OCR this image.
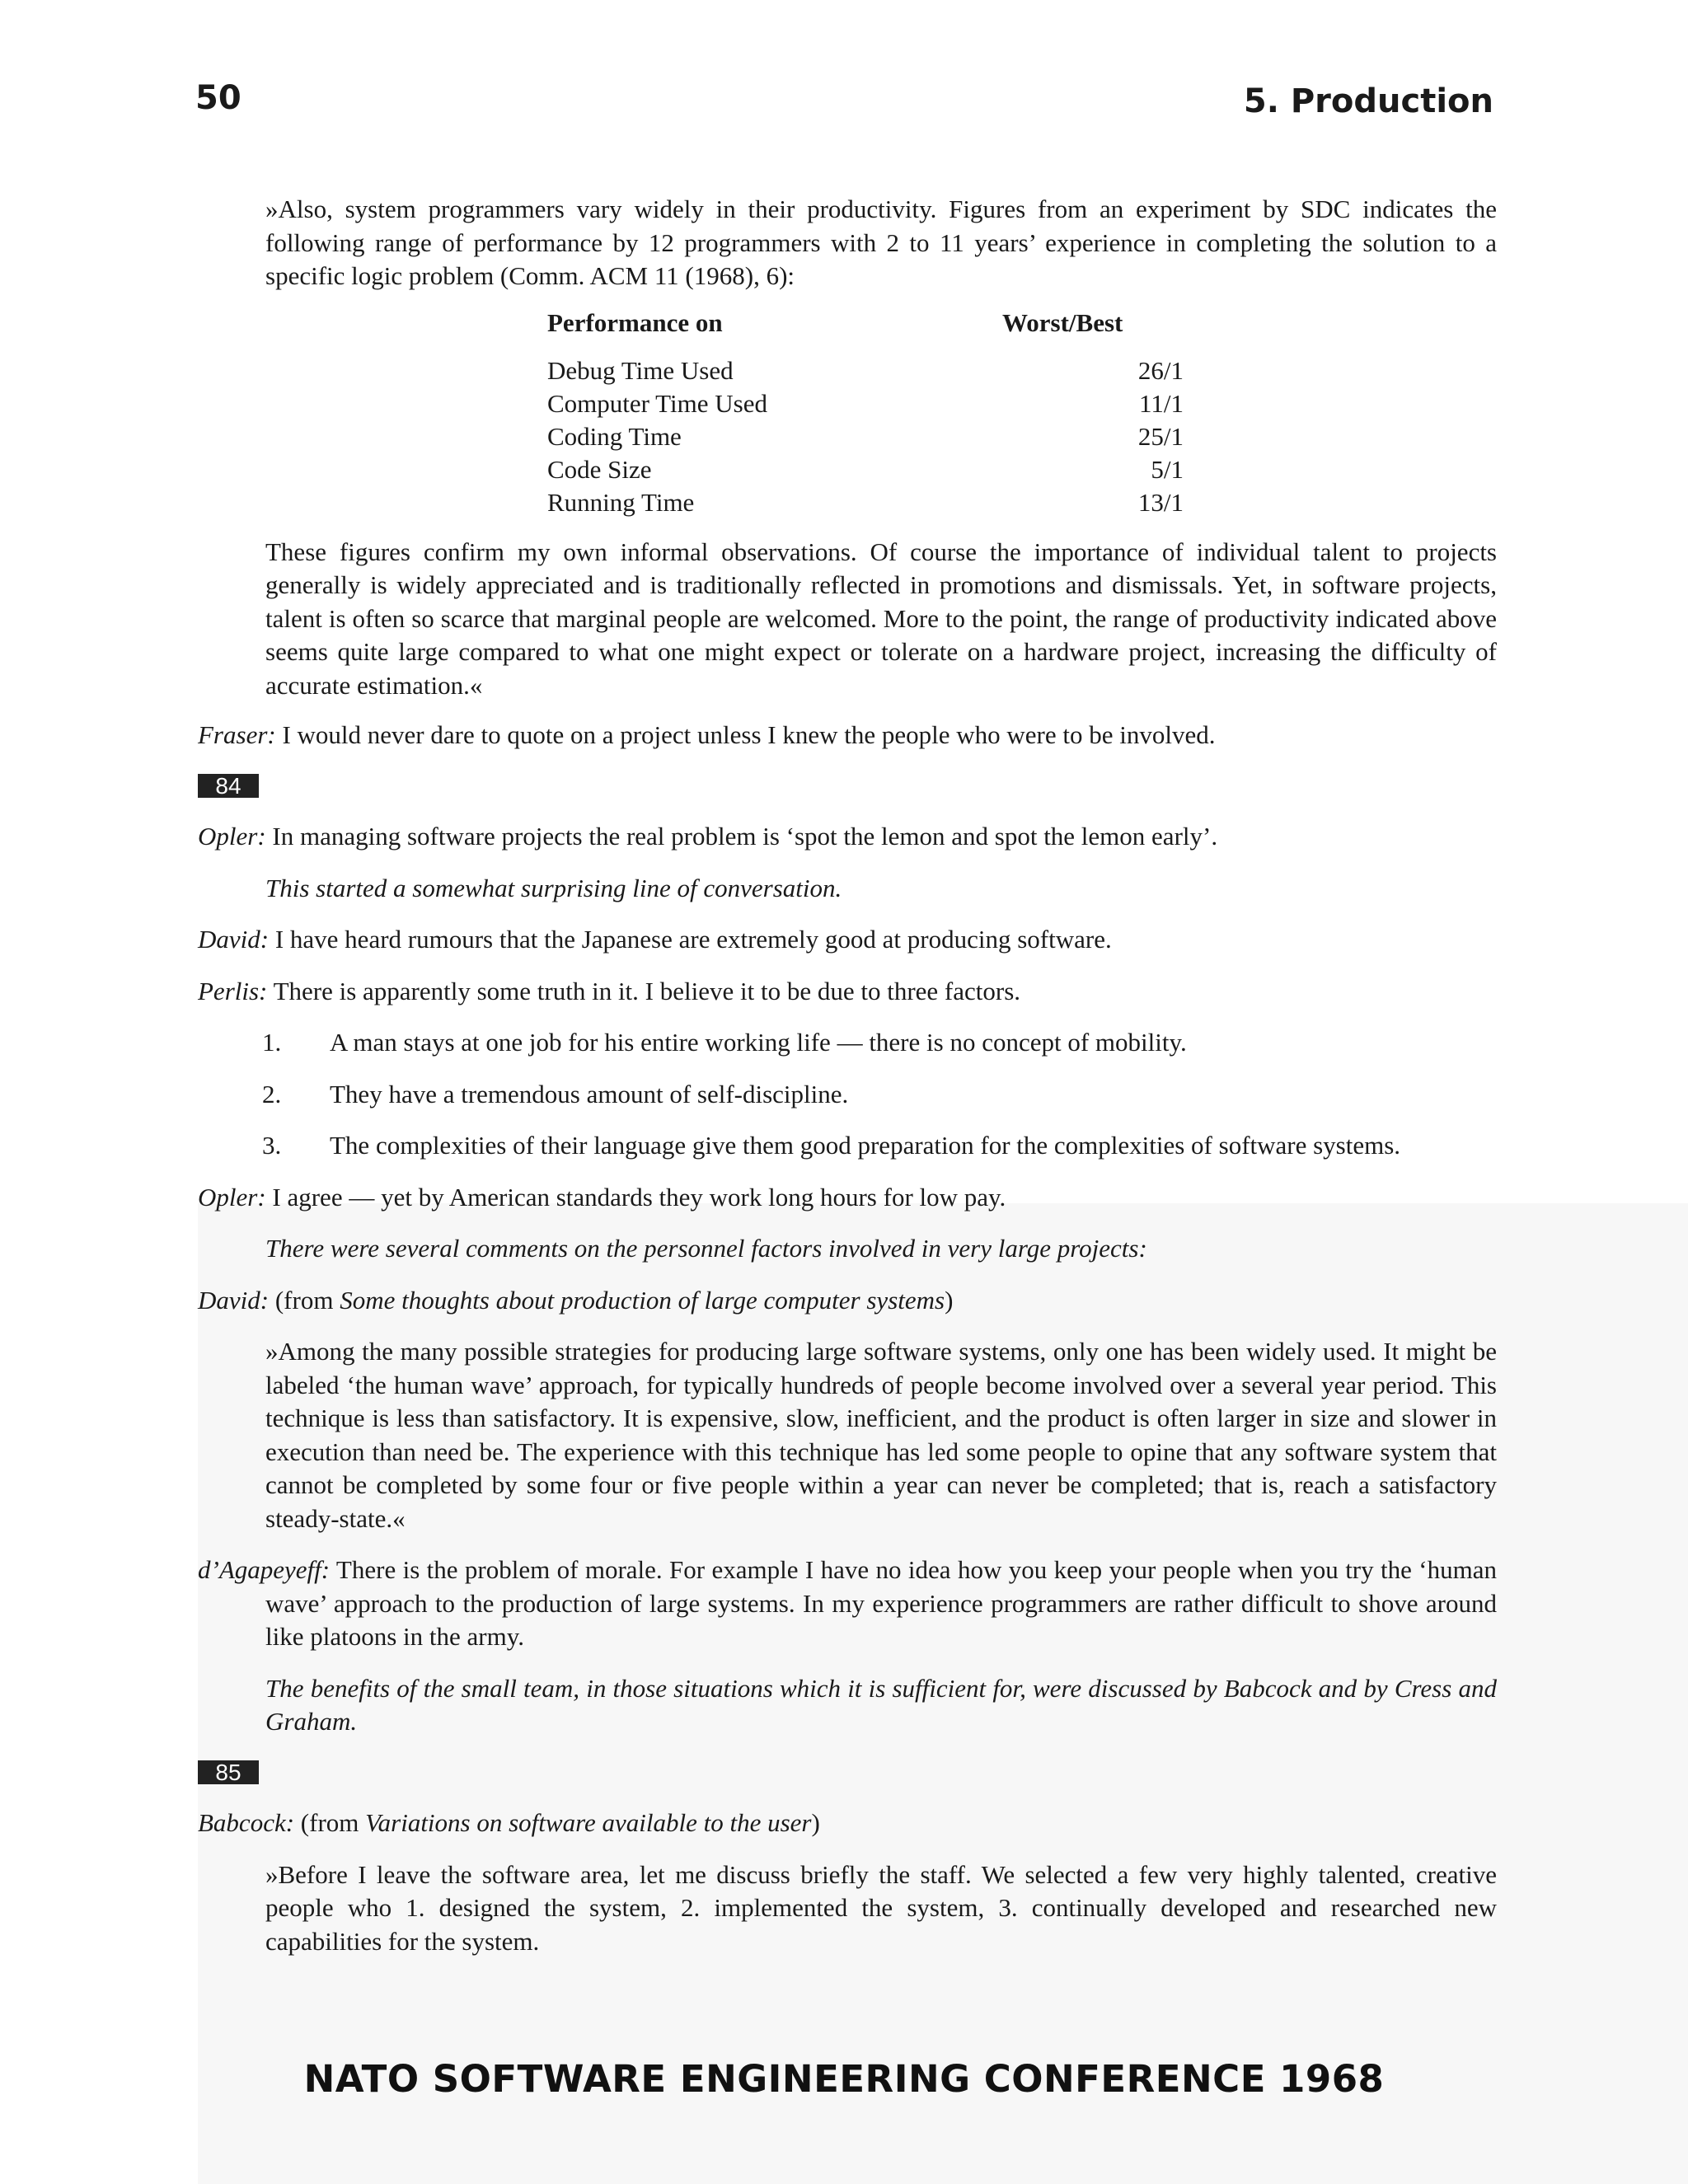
50	5. Production

»Also, system programmers vary widely in their productivity. Figures from an experiment by SDC indicates the following range of performance by 12 programmers with 2 to 11 years’ experience in completing the solution to a specific logic problem (Comm. ACM 11 (1968), 6):

Performance on	Worst/Best
Debug Time Used	26/1
Computer Time Used	11/1
Coding Time	25/1
Code Size	5/1
Running Time	13/1

These figures confirm my own informal observations. Of course the importance of individual talent to projects generally is widely appreciated and is traditionally reflected in promotions and dismissals. Yet, in software projects, talent is often so scarce that marginal people are welcomed. More to the point, the range of productivity indicated above seems quite large compared to what one might expect or tolerate on a hardware project, increasing the difficulty of accurate estimation.«

Fraser: I would never dare to quote on a project unless I knew the people who were to be involved.

84

Opler: In managing software projects the real problem is ‘spot the lemon and spot the lemon early’.

This started a somewhat surprising line of conversation.

David: I have heard rumours that the Japanese are extremely good at producing software.

Perlis: There is apparently some truth in it. I believe it to be due to three factors.

1.	A man stays at one job for his entire working life — there is no concept of mobility.
2.	They have a tremendous amount of self-discipline.
3.	The complexities of their language give them good preparation for the complexities of software systems.

Opler: I agree — yet by American standards they work long hours for low pay.

There were several comments on the personnel factors involved in very large projects:

David: (from Some thoughts about production of large computer systems)

»Among the many possible strategies for producing large software systems, only one has been widely used. It might be labeled ‘the human wave’ approach, for typically hundreds of people become involved over a several year period. This technique is less than satisfactory. It is expensive, slow, inefficient, and the product is often larger in size and slower in execution than need be. The experience with this technique has led some people to opine that any software system that cannot be completed by some four or five people within a year can never be completed; that is, reach a satisfactory steady-state.«

d’Agapeyeff: There is the problem of morale. For example I have no idea how you keep your people when you try the ‘human wave’ approach to the production of large systems. In my experience programmers are rather difficult to shove around like platoons in the army.

The benefits of the small team, in those situations which it is sufficient for, were discussed by Babcock and by Cress and Graham.

85

Babcock: (from Variations on software available to the user)

»Before I leave the software area, let me discuss briefly the staff. We selected a few very highly talented, creative people who 1. designed the system, 2. implemented the system, 3. continually developed and researched new capabilities for the system.

NATO SOFTWARE ENGINEERING CONFERENCE 1968
